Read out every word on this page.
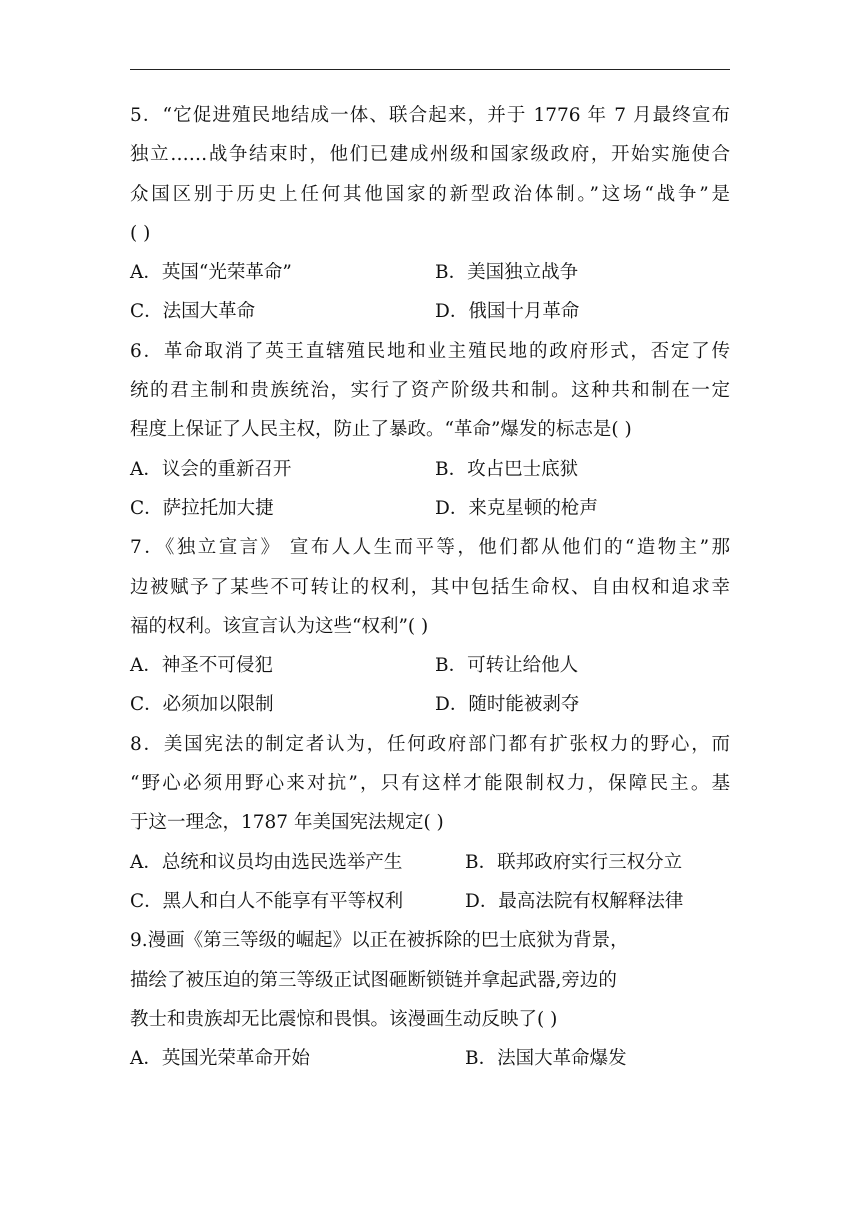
5．“它促进殖民地结成一体、联合起来，并于 1776 年 7 月最终宣布
独立……战争结束时，他们已建成州级和国家级政府，开始实施使合
众国区别于历史上任何其他国家的新型政治体制。”这场“战争”是
( )
A．英国“光荣革命”	B．美国独立战争
C．法国大革命	D．俄国十月革命
6．革命取消了英王直辖殖民地和业主殖民地的政府形式，否定了传
统的君主制和贵族统治，实行了资产阶级共和制。这种共和制在一定
程度上保证了人民主权，防止了暴政。“革命”爆发的标志是( )
A．议会的重新召开	B．攻占巴士底狱
C．萨拉托加大捷	D．来克星顿的枪声
7．《独立宣言》 宣布人人生而平等，他们都从他们的“造物主”那
边被赋予了某些不可转让的权利，其中包括生命权、自由权和追求幸
福的权利。该宣言认为这些“权利”( )
A．神圣不可侵犯	B．可转让给他人
C．必须加以限制	D．随时能被剥夺
8．美国宪法的制定者认为，任何政府部门都有扩张权力的野心，而
“野心必须用野心来对抗”，只有这样才能限制权力，保障民主。基
于这一理念，1787 年美国宪法规定( )
A．总统和议员均由选民选举产生	B．联邦政府实行三权分立
C．黑人和白人不能享有平等权利	D．最高法院有权解释法律
9.漫画《第三等级的崛起》以正在被拆除的巴士底狱为背景，
描绘了被压迫的第三等级正试图砸断锁链并拿起武器,旁边的
教士和贵族却无比震惊和畏惧。该漫画生动反映了( )
A．英国光荣革命开始	B．法国大革命爆发
